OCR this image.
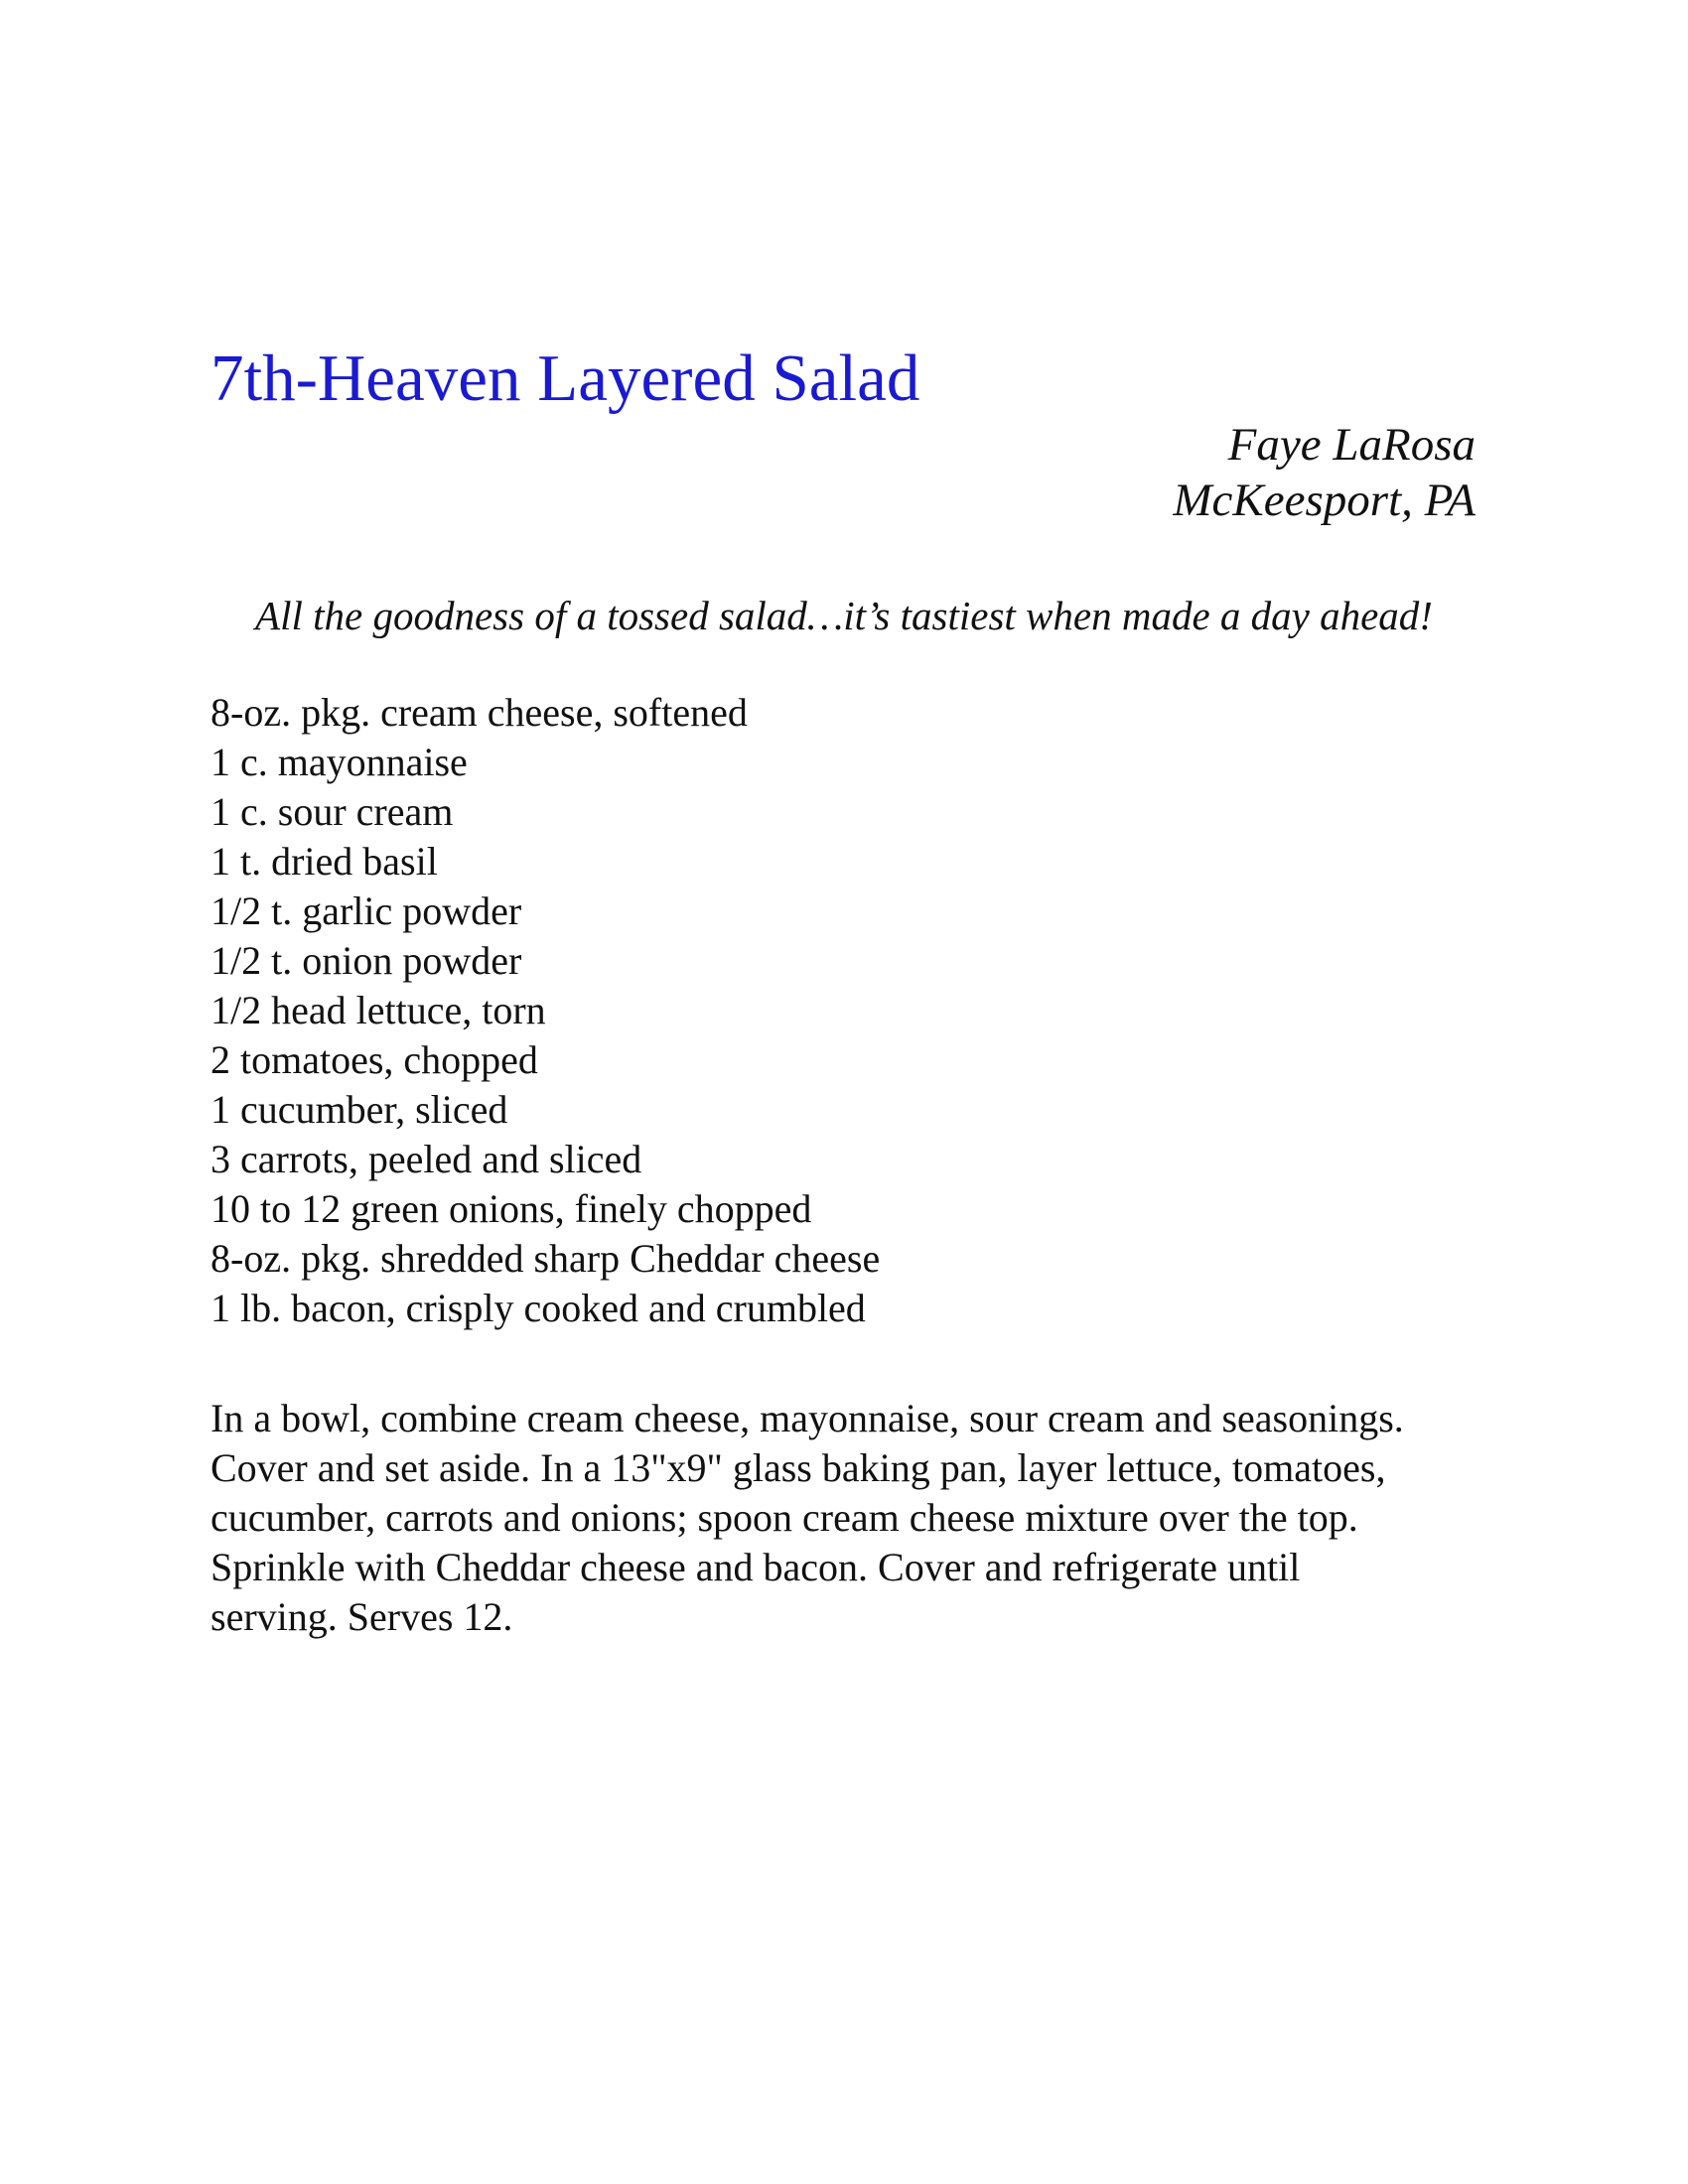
7th-Heaven Layered Salad
Faye LaRosa
McKeesport, PA
All the goodness of a tossed salad…it’s tastiest when made a day ahead!
8-oz. pkg. cream cheese, softened
1 c. mayonnaise
1 c. sour cream
1 t. dried basil
1/2 t. garlic powder
1/2 t. onion powder
1/2 head lettuce, torn
2 tomatoes, chopped
1 cucumber, sliced
3 carrots, peeled and sliced
10 to 12 green onions, finely chopped
8-oz. pkg. shredded sharp Cheddar cheese
1 lb. bacon, crisply cooked and crumbled
In a bowl, combine cream cheese, mayonnaise, sour cream and seasonings.
Cover and set aside. In a 13"x9" glass baking pan, layer lettuce, tomatoes,
cucumber, carrots and onions; spoon cream cheese mixture over the top.
Sprinkle with Cheddar cheese and bacon. Cover and refrigerate until
serving. Serves 12.
